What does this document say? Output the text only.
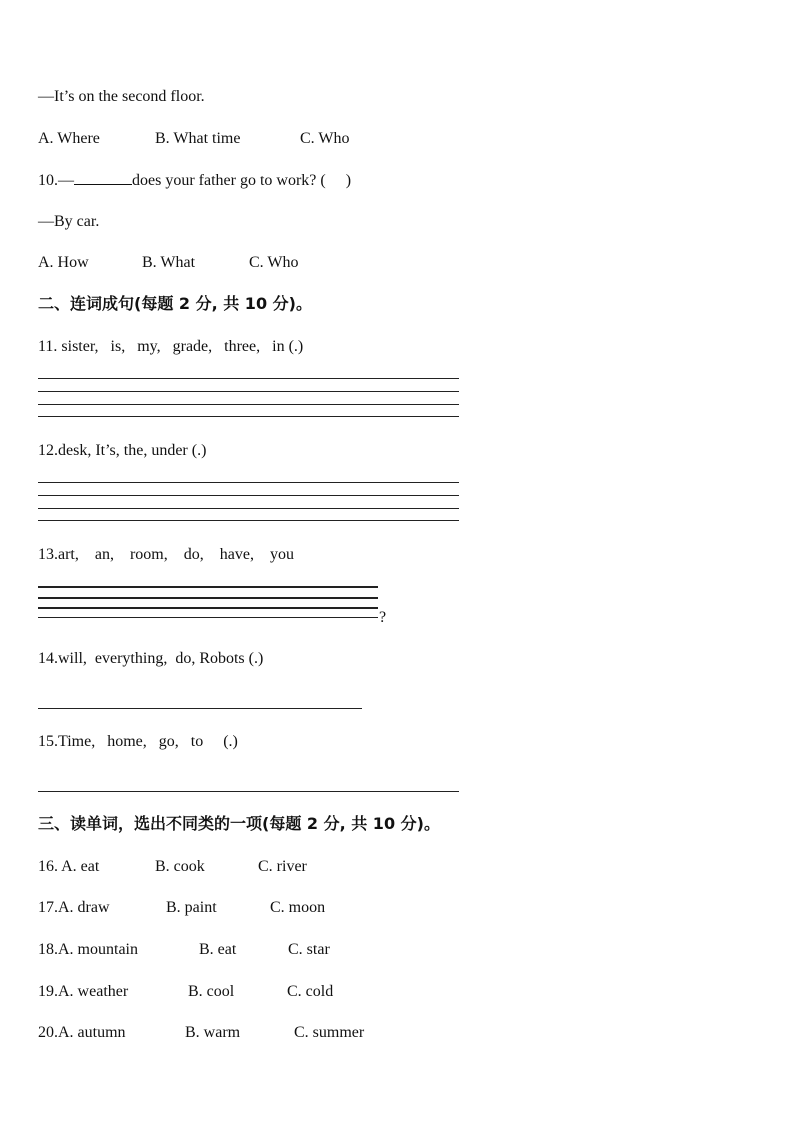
—It’s on the second floor.
A. Where	B. What time	C. Who
10.—	does your father go to work? (     )
—By car.
A. How	B. What	C. Who
二、连词成句(每题 2 分, 共 10 分)。
11. sister,   is,   my,   grade,   three,   in (.)
12.desk, It’s, the, under (.)
13.art,    an,    room,    do,    have,    you
?
14.will,  everything,  do, Robots (.)
15.Time,   home,   go,   to     (.)
三、读单词，选出不同类的一项(每题 2 分, 共 10 分)。
16. A. eat	B. cook	C. river
17.A. draw	B. paint	C. moon
18.A. mountain	B. eat	C. star
19.A. weather	B. cool	C. cold
20.A. autumn	B. warm	C. summer
